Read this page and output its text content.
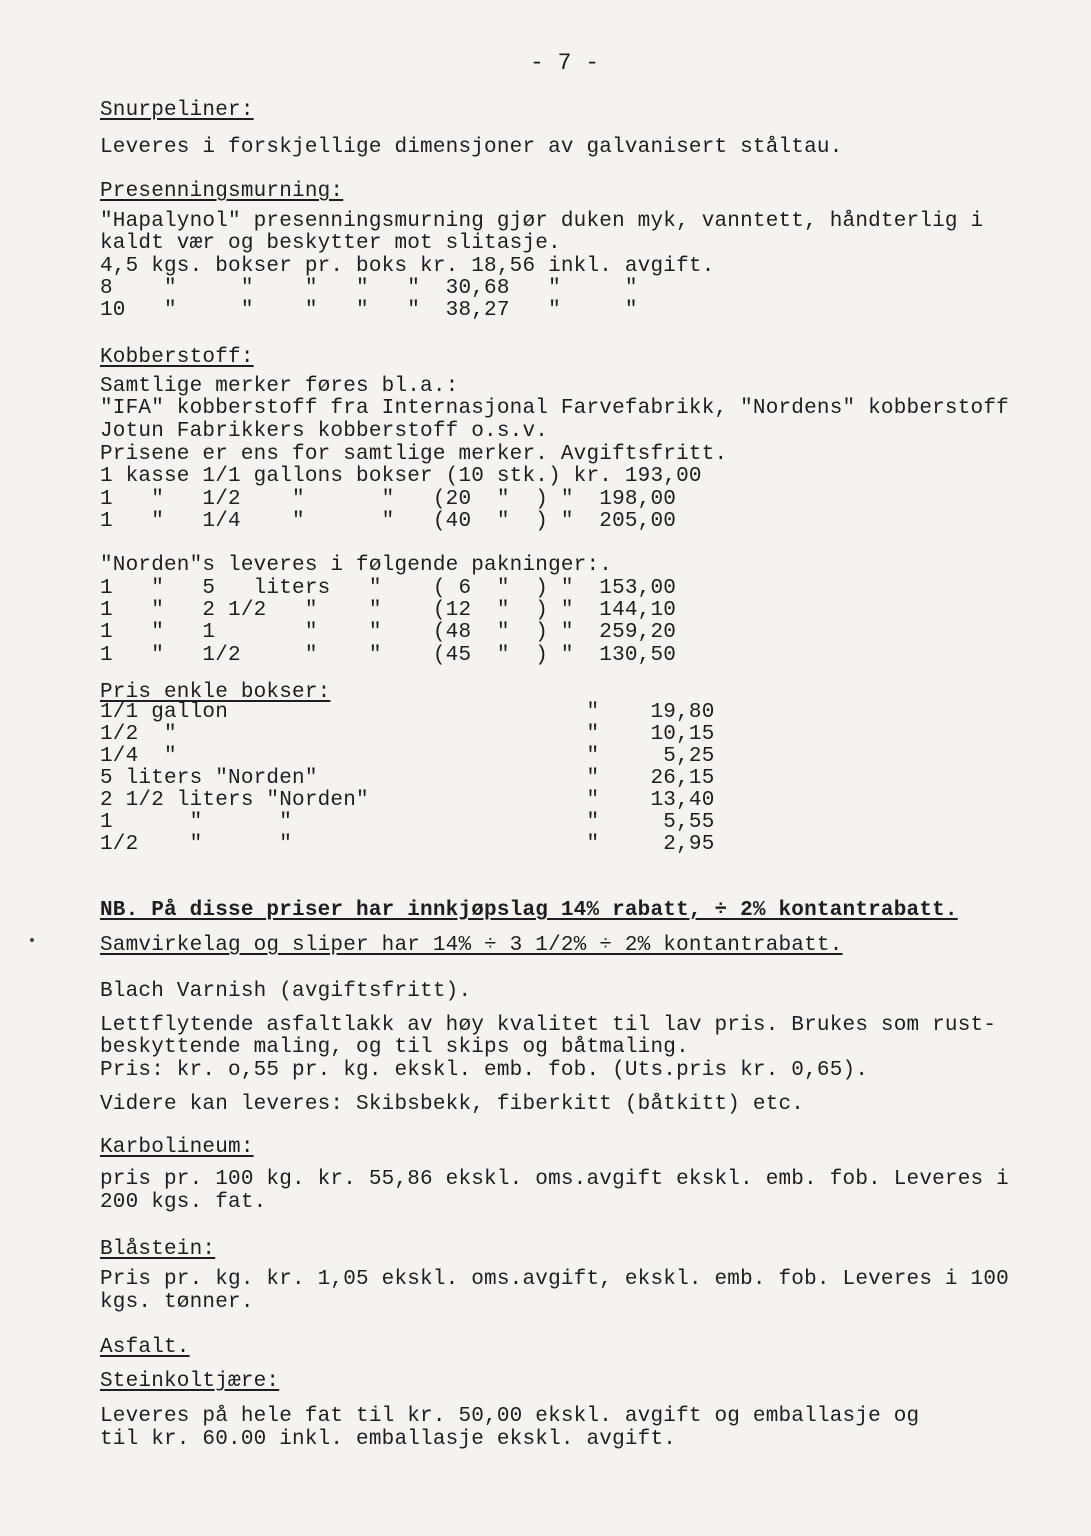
- 7 -
Snurpeliner:
Leveres i forskjellige dimensjoner av galvanisert ståltau.
Presenningsmurning:
"Hapalynol" presenningsmurning gjør duken myk, vanntett, håndterlig i
kaldt vær og beskytter mot slitasje.
4,5 kgs. bokser pr. boks kr. 18,56 inkl. avgift.
8    "     "    "   "   "  30,68   "     "
10   "     "    "   "   "  38,27   "     "
Kobberstoff:
Samtlige merker føres bl.a.:
"IFA" kobberstoff fra Internasjonal Farvefabrikk, "Nordens" kobberstoff
Jotun Fabrikkers kobberstoff o.s.v.
Prisene er ens for samtlige merker. Avgiftsfritt.
1 kasse 1/1 gallons bokser (10 stk.) kr. 193,00
1   "   1/2    "      "   (20  "  ) "  198,00
1   "   1/4    "      "   (40  "  ) "  205,00
"Norden"s leveres i følgende pakninger:.
1   "   5   liters   "    ( 6  "  ) "  153,00
1   "   2 1/2   "    "    (12  "  ) "  144,10
1   "   1       "    "    (48  "  ) "  259,20
1   "   1/2     "    "    (45  "  ) "  130,50
Pris enkle bokser:
1/1 gallon                            "    19,80
1/2  "                                "    10,15
1/4  "                                "     5,25
5 liters "Norden"                     "    26,15
2 1/2 liters "Norden"                 "    13,40
1      "      "                       "     5,55
1/2    "      "                       "     2,95
NB. På disse priser har innkjøpslag 14% rabatt, ÷ 2% kontantrabatt.
Samvirkelag og sliper har 14% ÷ 3 1/2% ÷ 2% kontantrabatt.
Blach Varnish (avgiftsfritt).
Lettflytende asfaltlakk av høy kvalitet til lav pris. Brukes som rust-
beskyttende maling, og til skips og båtmaling.
Pris: kr. o,55 pr. kg. ekskl. emb. fob. (Uts.pris kr. 0,65).
Videre kan leveres: Skibsbekk, fiberkitt (båtkitt) etc.
Karbolineum:
pris pr. 100 kg. kr. 55,86 ekskl. oms.avgift ekskl. emb. fob. Leveres i
200 kgs. fat.
Blåstein:
Pris pr. kg. kr. 1,05 ekskl. oms.avgift, ekskl. emb. fob. Leveres i 100
kgs. tønner.
Asfalt.
Steinkoltjære:
Leveres på hele fat til kr. 50,00 ekskl. avgift og emballasje og
til kr. 60.00 inkl. emballasje ekskl. avgift.
